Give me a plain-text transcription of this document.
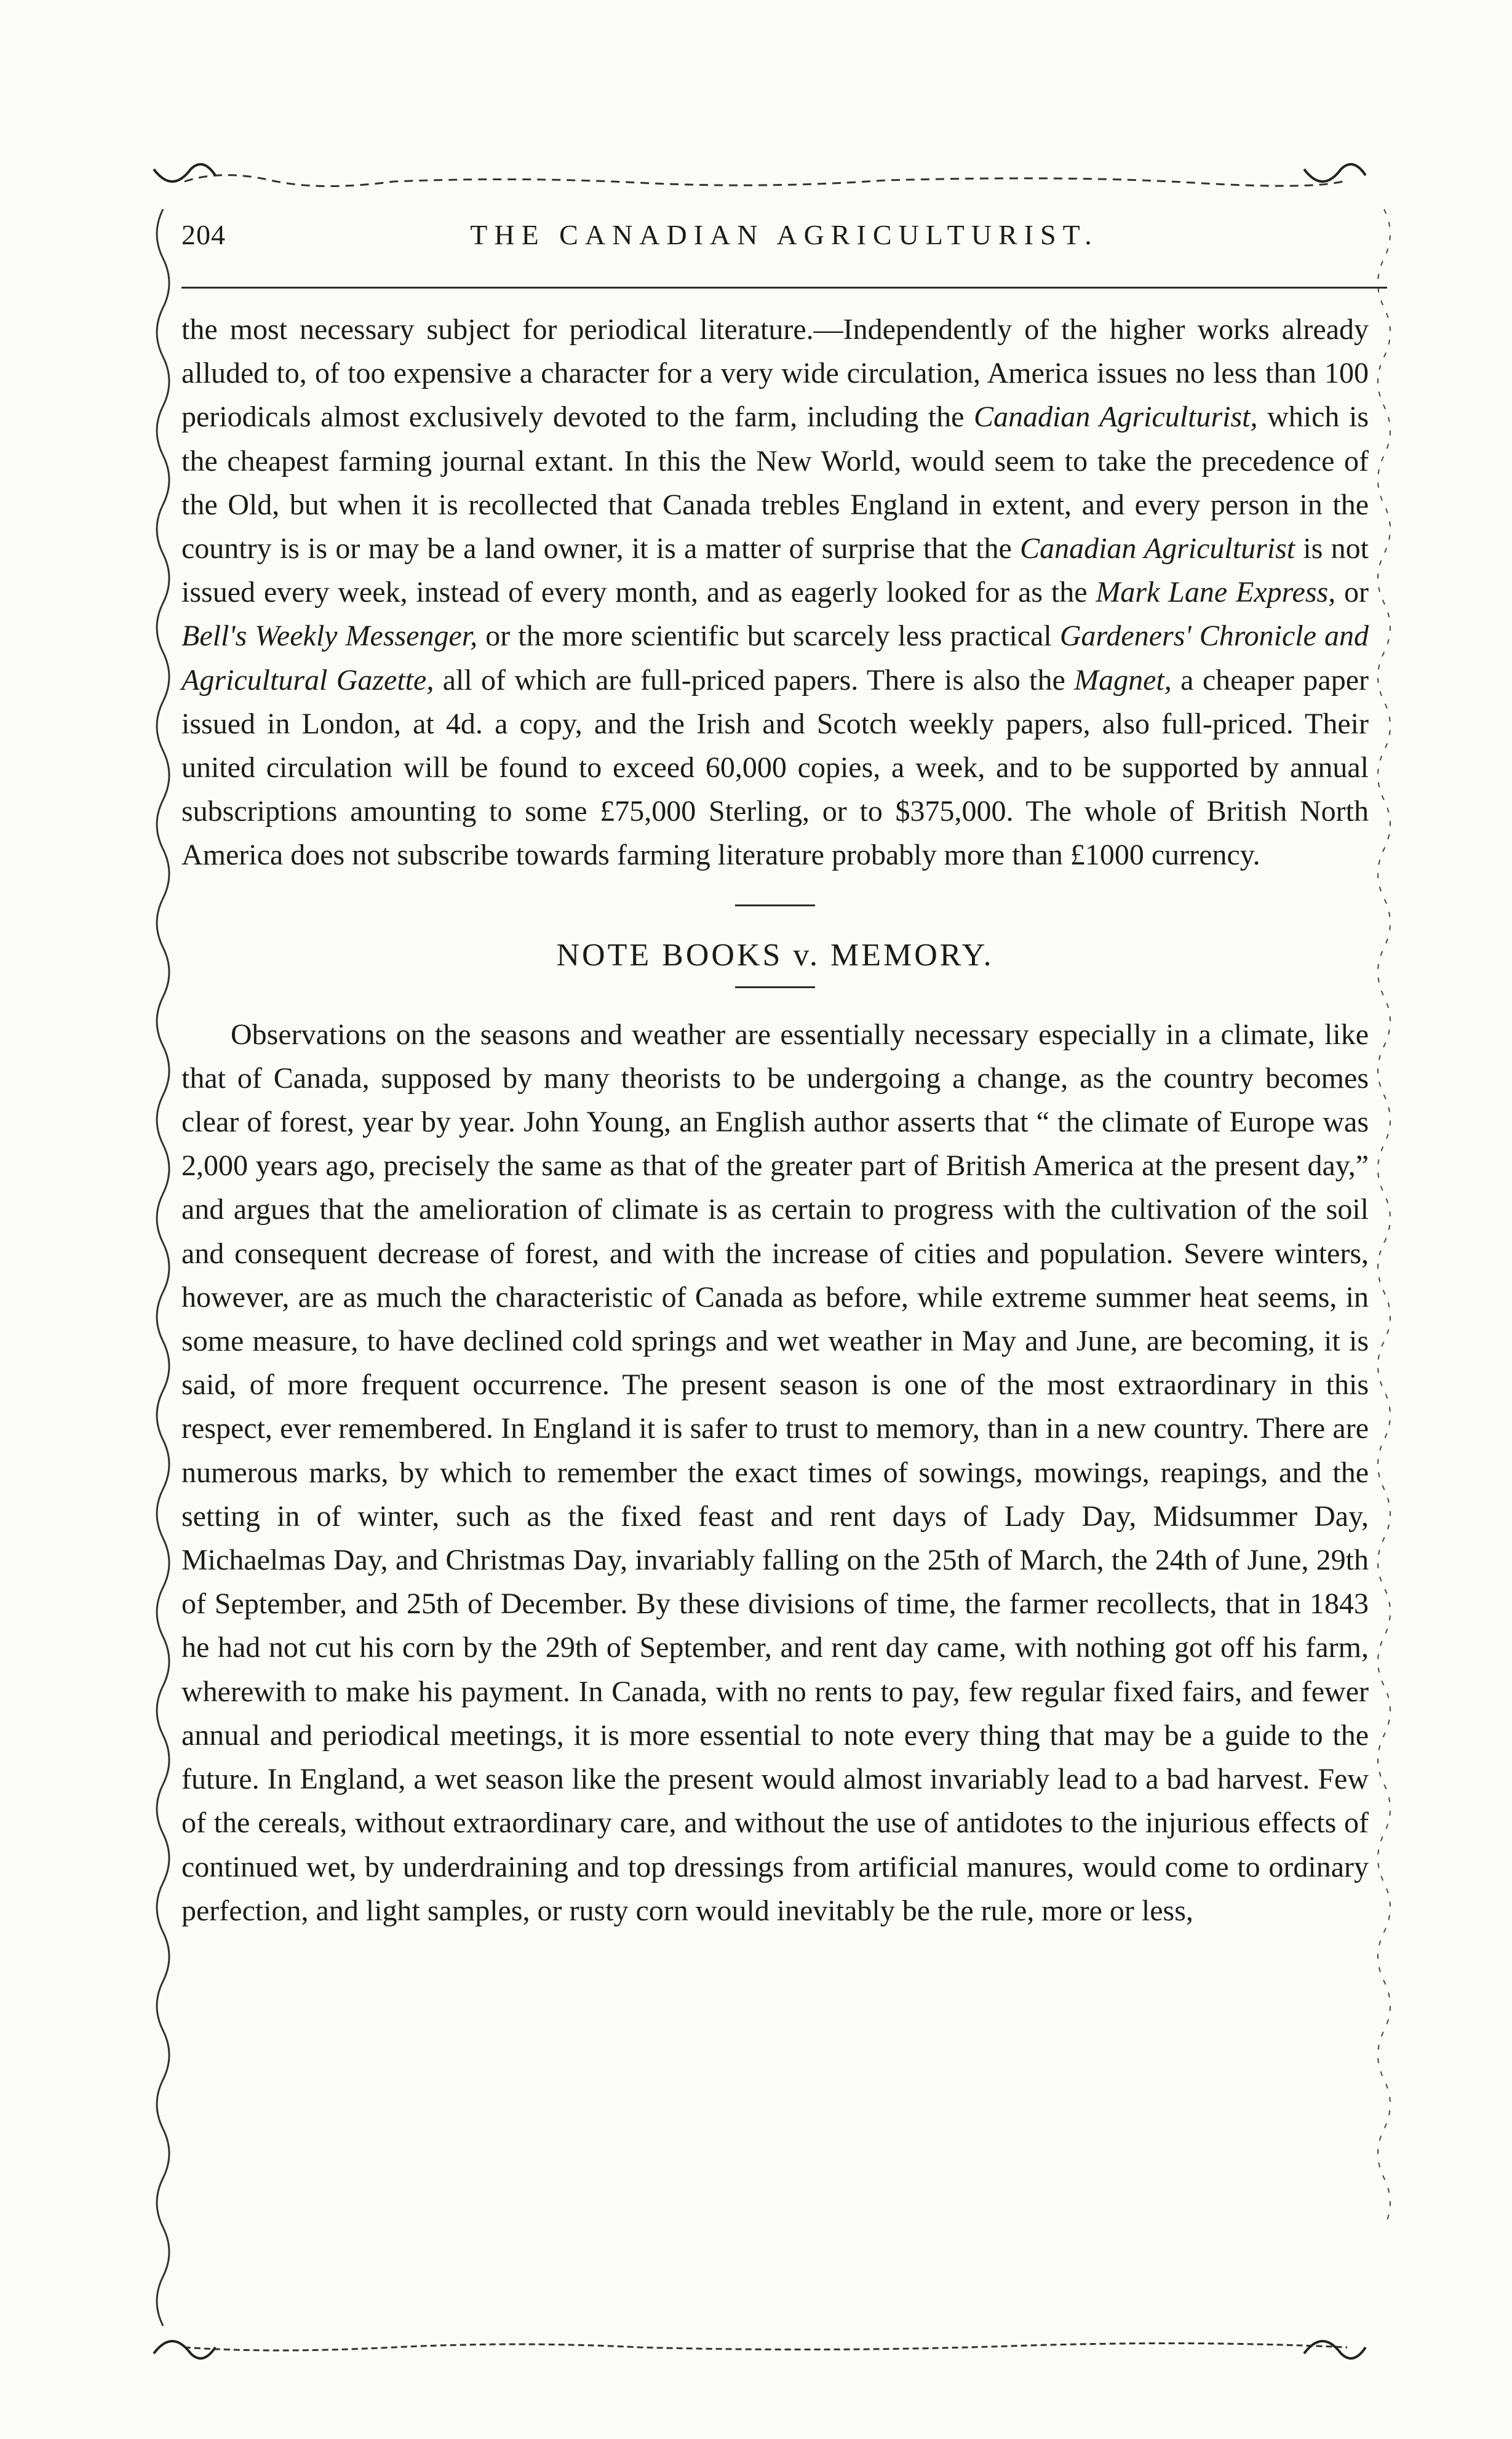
204	THE CANADIAN AGRICULTURIST.

the most necessary subject for periodical literature.—Independently of the higher works already alluded to, of too expensive a character for a very wide circulation, America issues no less than 100 periodicals almost exclusively devoted to the farm, including the Canadian Agriculturist, which is the cheapest farming journal extant. In this the New World, would seem to take the precedence of the Old, but when it is recollected that Canada trebles England in extent, and every person in the country is is or may be a land owner, it is a matter of surprise that the Canadian Agriculturist is not issued every week, instead of every month, and as eagerly looked for as the Mark Lane Express, or Bell's Weekly Messenger, or the more scientific but scarcely less practical Gardeners' Chronicle and Agricultural Gazette, all of which are full-priced papers. There is also the Magnet, a cheaper paper issued in London, at 4d. a copy, and the Irish and Scotch weekly papers, also full-priced. Their united circulation will be found to exceed 60,000 copies, a week, and to be supported by annual subscriptions amounting to some £75,000 Sterling, or to $375,000. The whole of British North America does not subscribe towards farming literature probably more than £1000 currency.

NOTE BOOKS v. MEMORY.

Observations on the seasons and weather are essentially necessary especially in a climate, like that of Canada, supposed by many theorists to be undergoing a change, as the country becomes clear of forest, year by year. John Young, an English author asserts that “ the climate of Europe was 2,000 years ago, precisely the same as that of the greater part of British America at the present day,” and argues that the amelioration of climate is as certain to progress with the cultivation of the soil and consequent decrease of forest, and with the increase of cities and population. Severe winters, however, are as much the characteristic of Canada as before, while extreme summer heat seems, in some measure, to have declined cold springs and wet weather in May and June, are becoming, it is said, of more frequent occurrence. The present season is one of the most extraordinary in this respect, ever remembered. In England it is safer to trust to memory, than in a new country. There are numerous marks, by which to remember the exact times of sowings, mowings, reapings, and the setting in of winter, such as the fixed feast and rent days of Lady Day, Midsummer Day, Michaelmas Day, and Christmas Day, invariably falling on the 25th of March, the 24th of June, 29th of September, and 25th of December. By these divisions of time, the farmer recollects, that in 1843 he had not cut his corn by the 29th of September, and rent day came, with nothing got off his farm, wherewith to make his payment. In Canada, with no rents to pay, few regular fixed fairs, and fewer annual and periodical meetings, it is more essential to note every thing that may be a guide to the future. In England, a wet season like the present would almost invariably lead to a bad harvest. Few of the cereals, without extraordinary care, and without the use of antidotes to the injurious effects of continued wet, by underdraining and top dressings from artificial manures, would come to ordinary perfection, and light samples, or rusty corn would inevitably be the rule, more or less,
